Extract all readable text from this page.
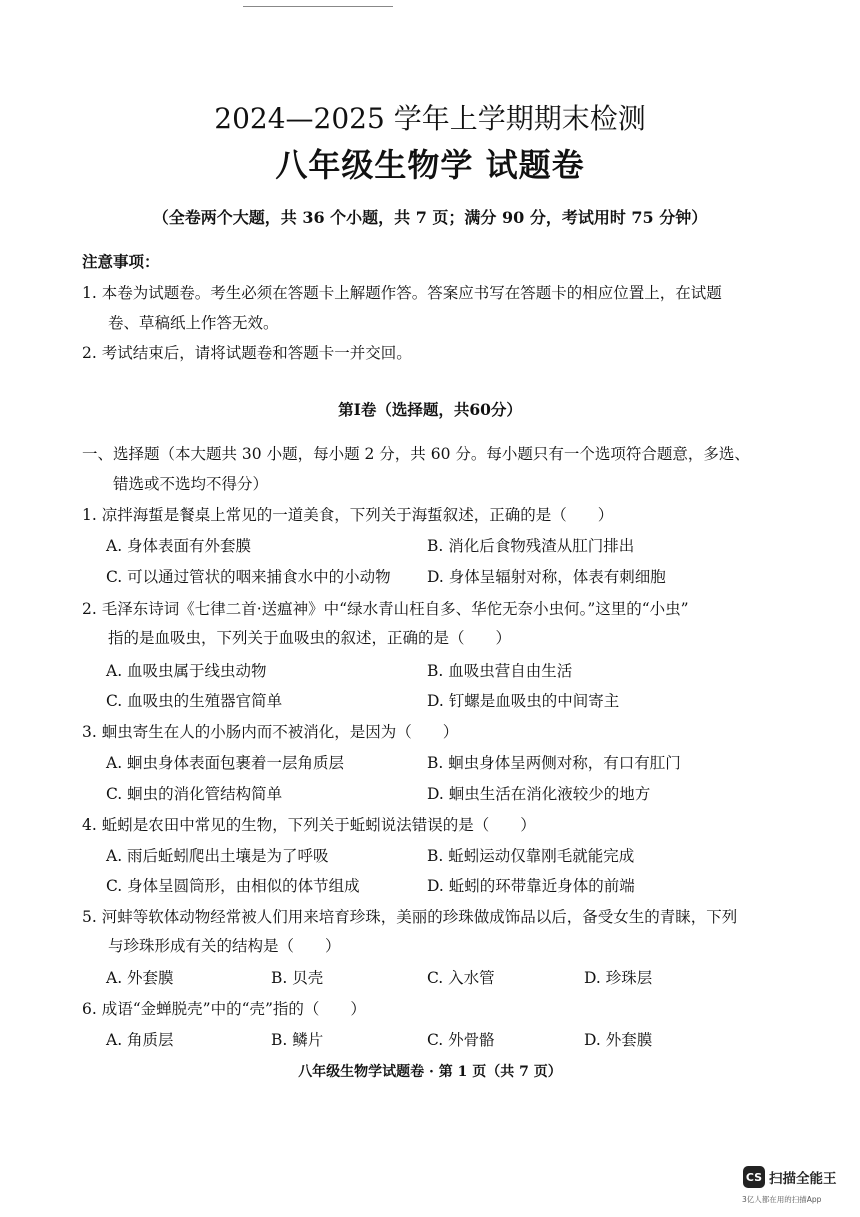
2024—2025 学年上学期期末检测
八年级生物学 试题卷
（全卷两个大题，共 36 个小题，共 7 页；满分 90 分，考试用时 75 分钟）
注意事项：
1. 本卷为试题卷。考生必须在答题卡上解题作答。答案应书写在答题卡的相应位置上，在试题
卷、草稿纸上作答无效。
2. 考试结束后，请将试题卷和答题卡一并交回。
第Ⅰ卷（选择题，共60分）
一、选择题（本大题共 30 小题，每小题 2 分，共 60 分。每小题只有一个选项符合题意，多选、
错选或不选均不得分）
1. 凉拌海蜇是餐桌上常见的一道美食，下列关于海蜇叙述，正确的是（　　）
A. 身体表面有外套膜	B. 消化后食物残渣从肛门排出
C. 可以通过管状的咽来捕食水中的小动物 D. 身体呈辐射对称，体表有刺细胞
2. 毛泽东诗词《七律二首·送瘟神》中“绿水青山枉自多、华佗无奈小虫何。”这里的“小虫”
指的是血吸虫，下列关于血吸虫的叙述，正确的是（　　）
A. 血吸虫属于线虫动物	B. 血吸虫营自由生活
C. 血吸虫的生殖器官简单	D. 钉螺是血吸虫的中间寄主
3. 蛔虫寄生在人的小肠内而不被消化，是因为（　　）
A. 蛔虫身体表面包裹着一层角质层	B. 蛔虫身体呈两侧对称，有口有肛门
C. 蛔虫的消化管结构简单	D. 蛔虫生活在消化液较少的地方
4. 蚯蚓是农田中常见的生物，下列关于蚯蚓说法错误的是（　　）
A. 雨后蚯蚓爬出土壤是为了呼吸	B. 蚯蚓运动仅靠刚毛就能完成
C. 身体呈圆筒形，由相似的体节组成	D. 蚯蚓的环带靠近身体的前端
5. 河蚌等软体动物经常被人们用来培育珍珠，美丽的珍珠做成饰品以后，备受女生的青睐，下列
与珍珠形成有关的结构是（　　）
A. 外套膜	B. 贝壳	C. 入水管	D. 珍珠层
6. 成语“金蝉脱壳”中的“壳”指的（　　）
A. 角质层	B. 鳞片	C. 外骨骼	D. 外套膜
八年级生物学试题卷 · 第 1 页（共 7 页）
CS 扫描全能王
3亿人都在用的扫描App
